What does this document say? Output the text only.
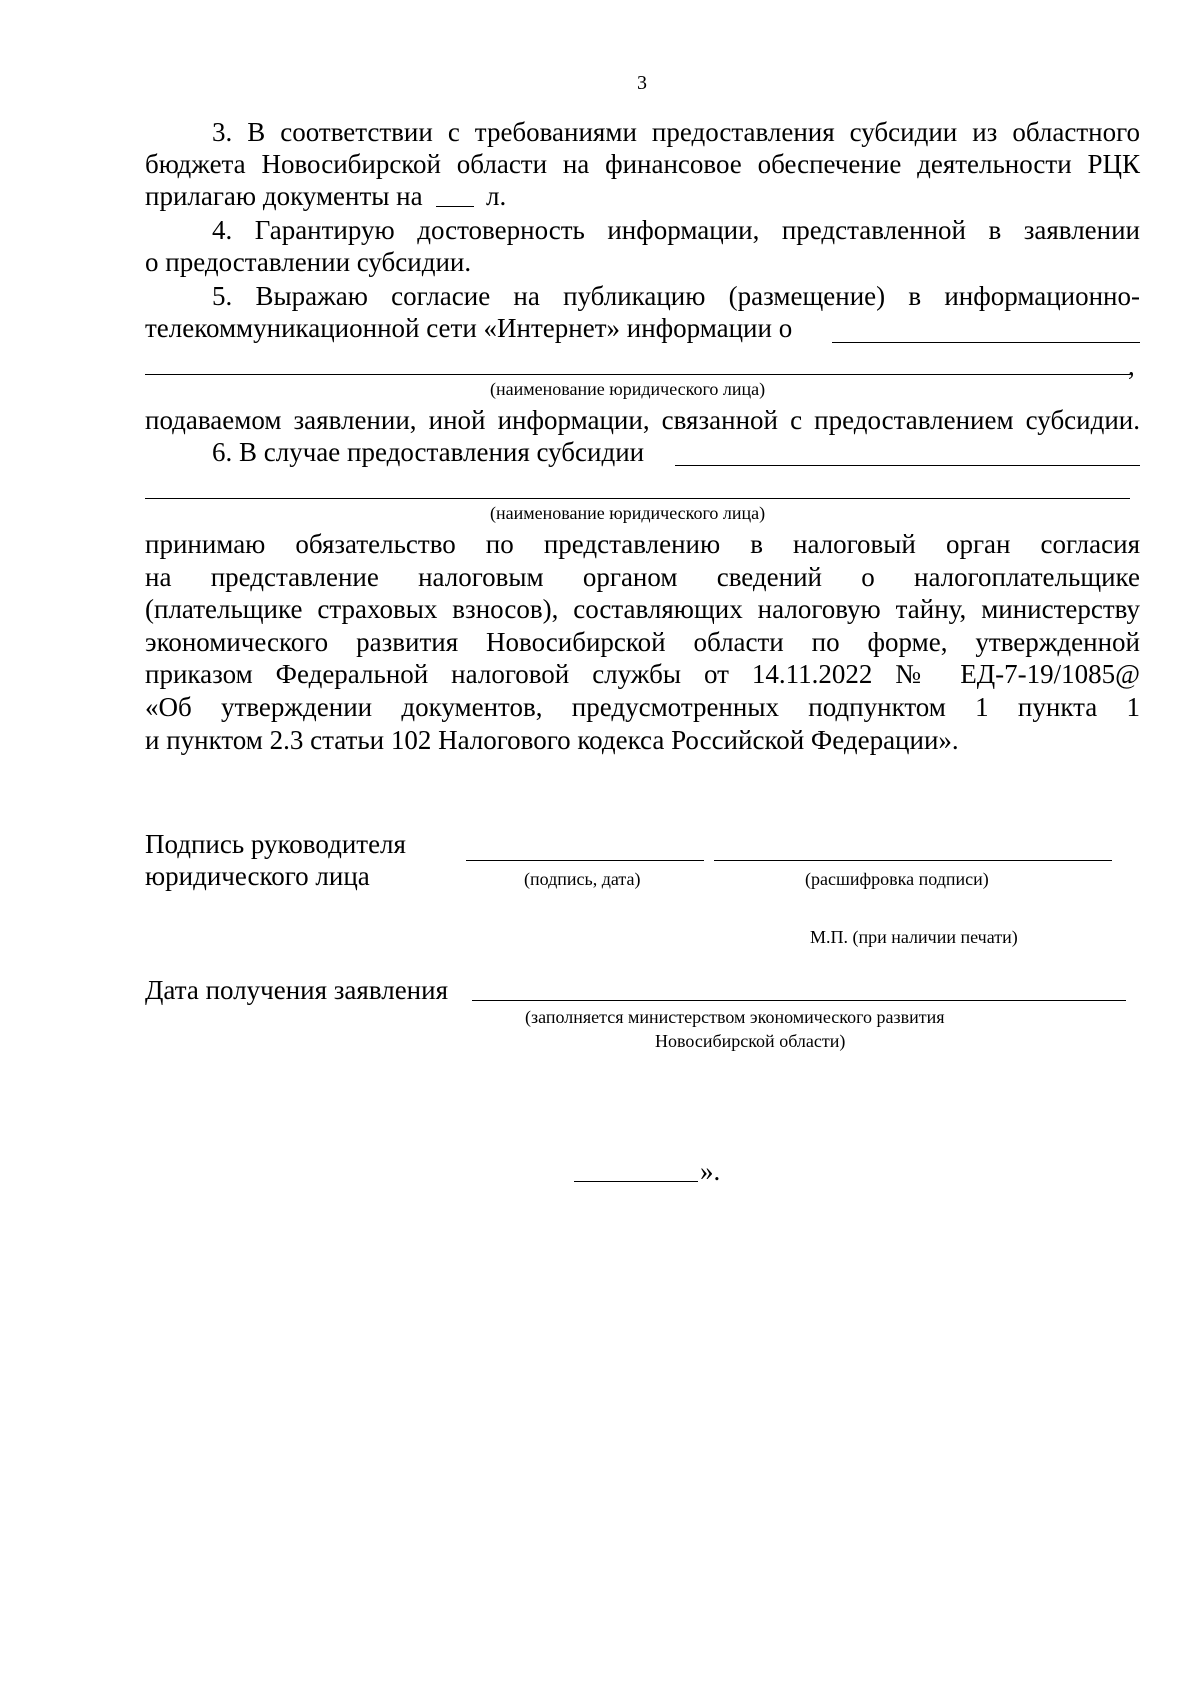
3
3. В соответствии с требованиями предоставления субсидии из областного
бюджета Новосибирской области на финансовое обеспечение деятельности РЦК
прилагаю документы на л.
4. Гарантирую достоверность информации, представленной в заявлении
о предоставлении субсидии.
5. Выражаю согласие на публикацию (размещение) в информационно-
телекоммуникационной сети «Интернет» информации о
,
(наименование юридического лица)
подаваемом заявлении, иной информации, связанной с предоставлением субсидии.
6. В случае предоставления субсидии
(наименование юридического лица)
принимаю обязательство по представлению в налоговый орган согласия
на представление налоговым органом сведений о налогоплательщике
(плательщике страховых взносов), составляющих налоговую тайну, министерству
экономического развития Новосибирской области по форме, утвержденной
приказом Федеральной налоговой службы от 14.11.2022 № ЕД-7-19/1085@
«Об утверждении документов, предусмотренных подпунктом 1 пункта 1
и пунктом 2.3 статьи 102 Налогового кодекса Российской Федерации».
Подпись руководителя
юридического лица	(подпись, дата)	(расшифровка подписи)
М.П. (при наличии печати)
Дата получения заявления
(заполняется министерством экономического развития
Новосибирской области)
».
